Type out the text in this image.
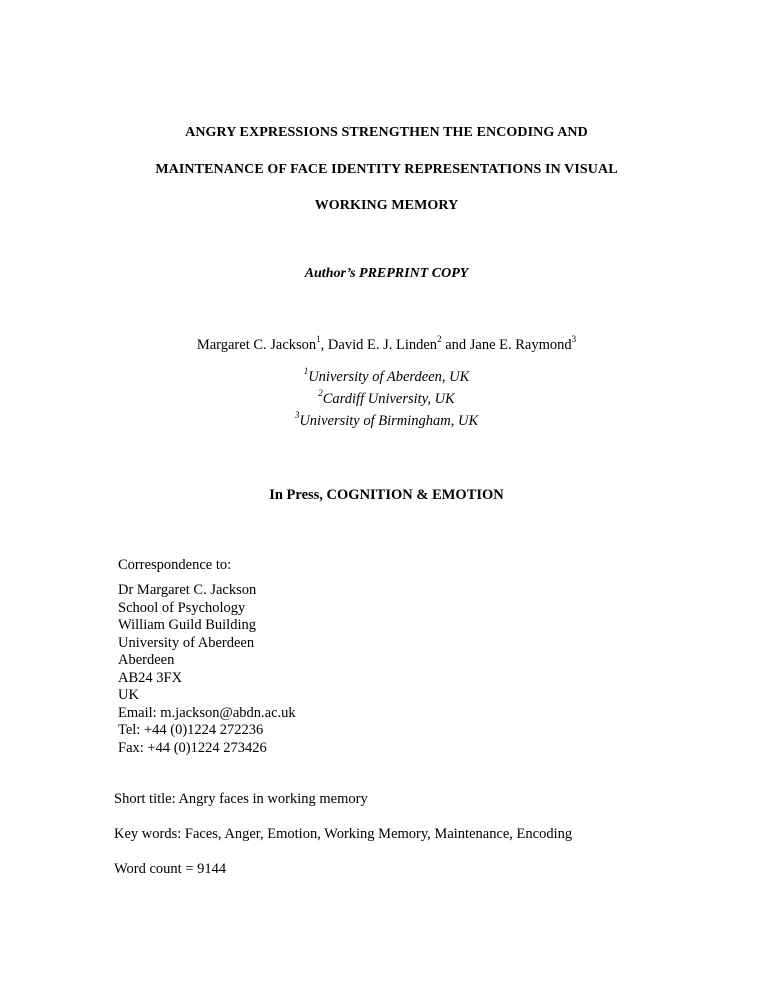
ANGRY EXPRESSIONS STRENGTHEN THE ENCODING AND
MAINTENANCE OF FACE IDENTITY REPRESENTATIONS IN VISUAL
WORKING MEMORY
Author’s PREPRINT COPY
Margaret C. Jackson$^1$, David E. J. Linden$^2$ and Jane E. Raymond$^3$
$^1$University of Aberdeen, UK
$^2$Cardiff University, UK
$^3$University of Birmingham, UK
In Press, COGNITION & EMOTION
Correspondence to:
Dr Margaret C. Jackson
School of Psychology
William Guild Building
University of Aberdeen
Aberdeen
AB24 3FX
UK
Email: m.jackson@abdn.ac.uk
Tel: +44 (0)1224 272236
Fax: +44 (0)1224 273426
Short title: Angry faces in working memory
Key words: Faces, Anger, Emotion, Working Memory, Maintenance, Encoding
Word count = 9144
